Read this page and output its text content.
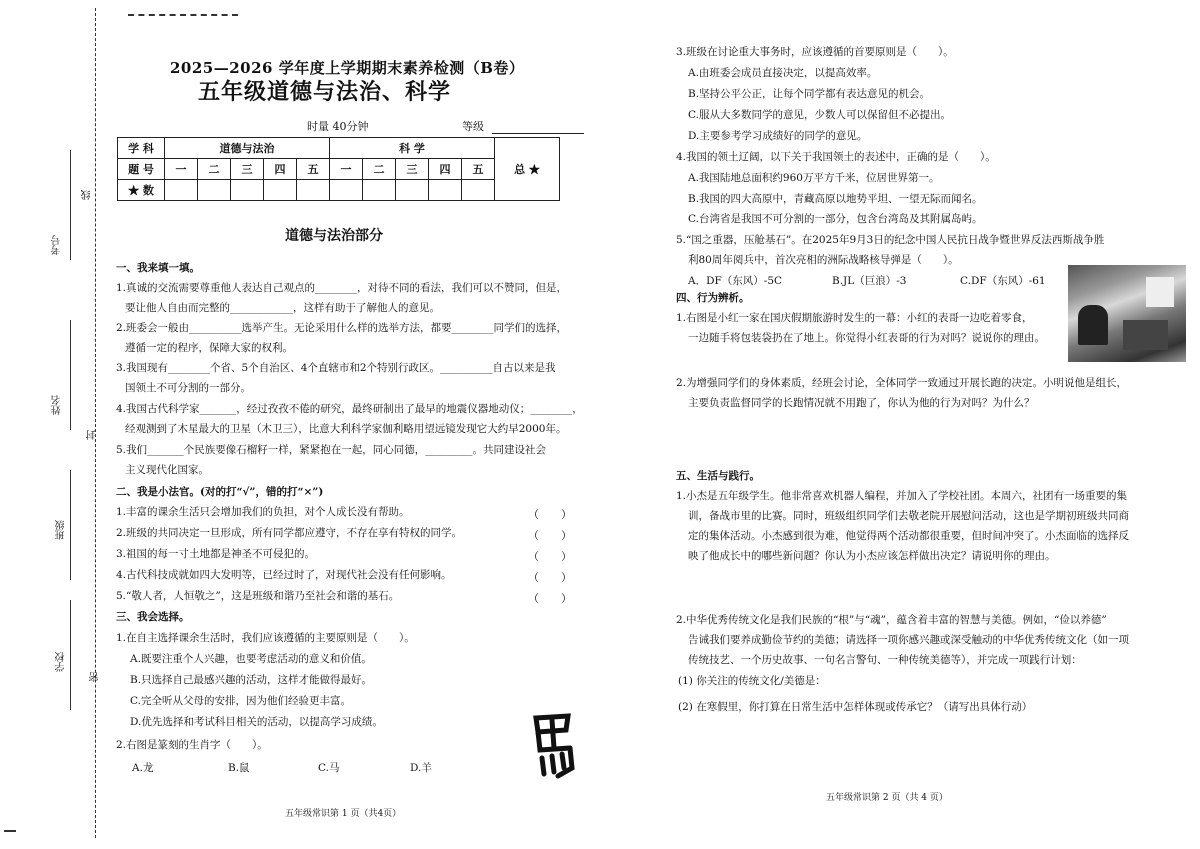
考号
线
姓名
封
班级
学校
密
2025—2026 学年度上学期期末素养检测（B卷）
五年级道德与法治、科学
时量 40分钟	等级
学 科	道德与法治					科 学					总 ★
题 号	一	二	三	四	五	一	二	三	四	五	
★ 数											
道德与法治部分
一、我来填一填。
1.真诚的交流需要尊重他人表达自己观点的________，对待不同的看法，我们可以不赞同，但是，
要让他人自由而完整的____________，这样有助于了解他人的意见。
2.班委会一般由__________选举产生。无论采用什么样的选举方法，都要________同学们的选择，
遵循一定的程序，保障大家的权利。
3.我国现有________个省、5个自治区、4个直辖市和2个特别行政区。__________自古以来是我
国领土不可分割的一部分。
4.我国古代科学家_______，经过孜孜不倦的研究，最终研制出了最早的地震仪器地动仪；________，
经观测到了木星最大的卫星（木卫三），比意大利科学家伽利略用望远镜发现它大约早2000年。
5.我们_______个民族要像石榴籽一样，紧紧抱在一起，同心同德，_________。共同建设社会
主义现代化国家。
二、我是小法官。(对的打“√”，错的打“×”)
1.丰富的课余生活只会增加我们的负担，对个人成长没有帮助。	（　　）
2.班级的共同决定一旦形成，所有同学都应遵守，不存在享有特权的同学。	（　　）
3.祖国的每一寸土地都是神圣不可侵犯的。	（　　）
4.古代科技成就如四大发明等，已经过时了，对现代社会没有任何影响。	（　　）
5.“敬人者，人恒敬之”，这是班级和谐乃至社会和谐的基石。	（　　）
三、我会选择。
1.在自主选择课余生活时，我们应该遵循的主要原则是（　　）。
A.既要注重个人兴趣，也要考虑活动的意义和价值。
B.只选择自己最感兴趣的活动，这样才能做得最好。
C.完全听从父母的安排，因为他们经验更丰富。
D.优先选择和考试科目相关的活动，以提高学习成绩。
2.右图是篆刻的生肖字（　　）。
A.龙	B.鼠	C.马	D.羊
五年级常识第 1 页（共4页）
3.班级在讨论重大事务时，应该遵循的首要原则是（　　）。
A.由班委会成员直接决定，以提高效率。
B.坚持公平公正，让每个同学都有表达意见的机会。
C.服从大多数同学的意见，少数人可以保留但不必提出。
D.主要参考学习成绩好的同学的意见。
4.我国的领土辽阔，以下关于我国领土的表述中，正确的是（　　）。
A.我国陆地总面积约960万平方千米，位居世界第一。
B.我国的四大高原中，青藏高原以地势平坦、一望无际而闻名。
C.台湾省是我国不可分割的一部分，包含台湾岛及其附属岛屿。
5.“国之重器，压舱基石”。在2025年9月3日的纪念中国人民抗日战争暨世界反法西斯战争胜
利80周年阅兵中，首次亮相的洲际战略核导弹是（　　）。
A．DF（东风）-5C	B.JL（巨浪）-3	C.DF（东风）-61
四、行为辨析。
1.右图是小红一家在国庆假期旅游时发生的一幕：小红的表哥一边吃着零食，
一边随手将包装袋扔在了地上。你觉得小红表哥的行为对吗？说说你的理由。
2.为增强同学们的身体素质，经班会讨论，全体同学一致通过开展长跑的决定。小明说他是组长，
主要负责监督同学的长跑情况就不用跑了，你认为他的行为对吗？为什么？
五、生活与践行。
1.小杰是五年级学生。他非常喜欢机器人编程，并加入了学校社团。本周六，社团有一场重要的集
训，备战市里的比赛。同时，班级组织同学们去敬老院开展慰问活动，这也是学期初班级共同商
定的集体活动。小杰感到很为难，他觉得两个活动都很重要，但时间冲突了。小杰面临的选择反
映了他成长中的哪些新问题？你认为小杰应该怎样做出决定？请说明你的理由。
2.中华优秀传统文化是我们民族的“根”与“魂”，蕴含着丰富的智慧与美德。例如，“俭以养德”
告诫我们要养成勤俭节约的美德；请选择一项你感兴趣或深受触动的中华优秀传统文化（如一项
传统技艺、一个历史故事、一句名言警句、一种传统美德等），并完成一项践行计划：
(1) 你关注的传统文化/美德是：
(2) 在寒假里，你打算在日常生活中怎样体现或传承它？（请写出具体行动）
五年级常识第 2 页（共 4 页）
